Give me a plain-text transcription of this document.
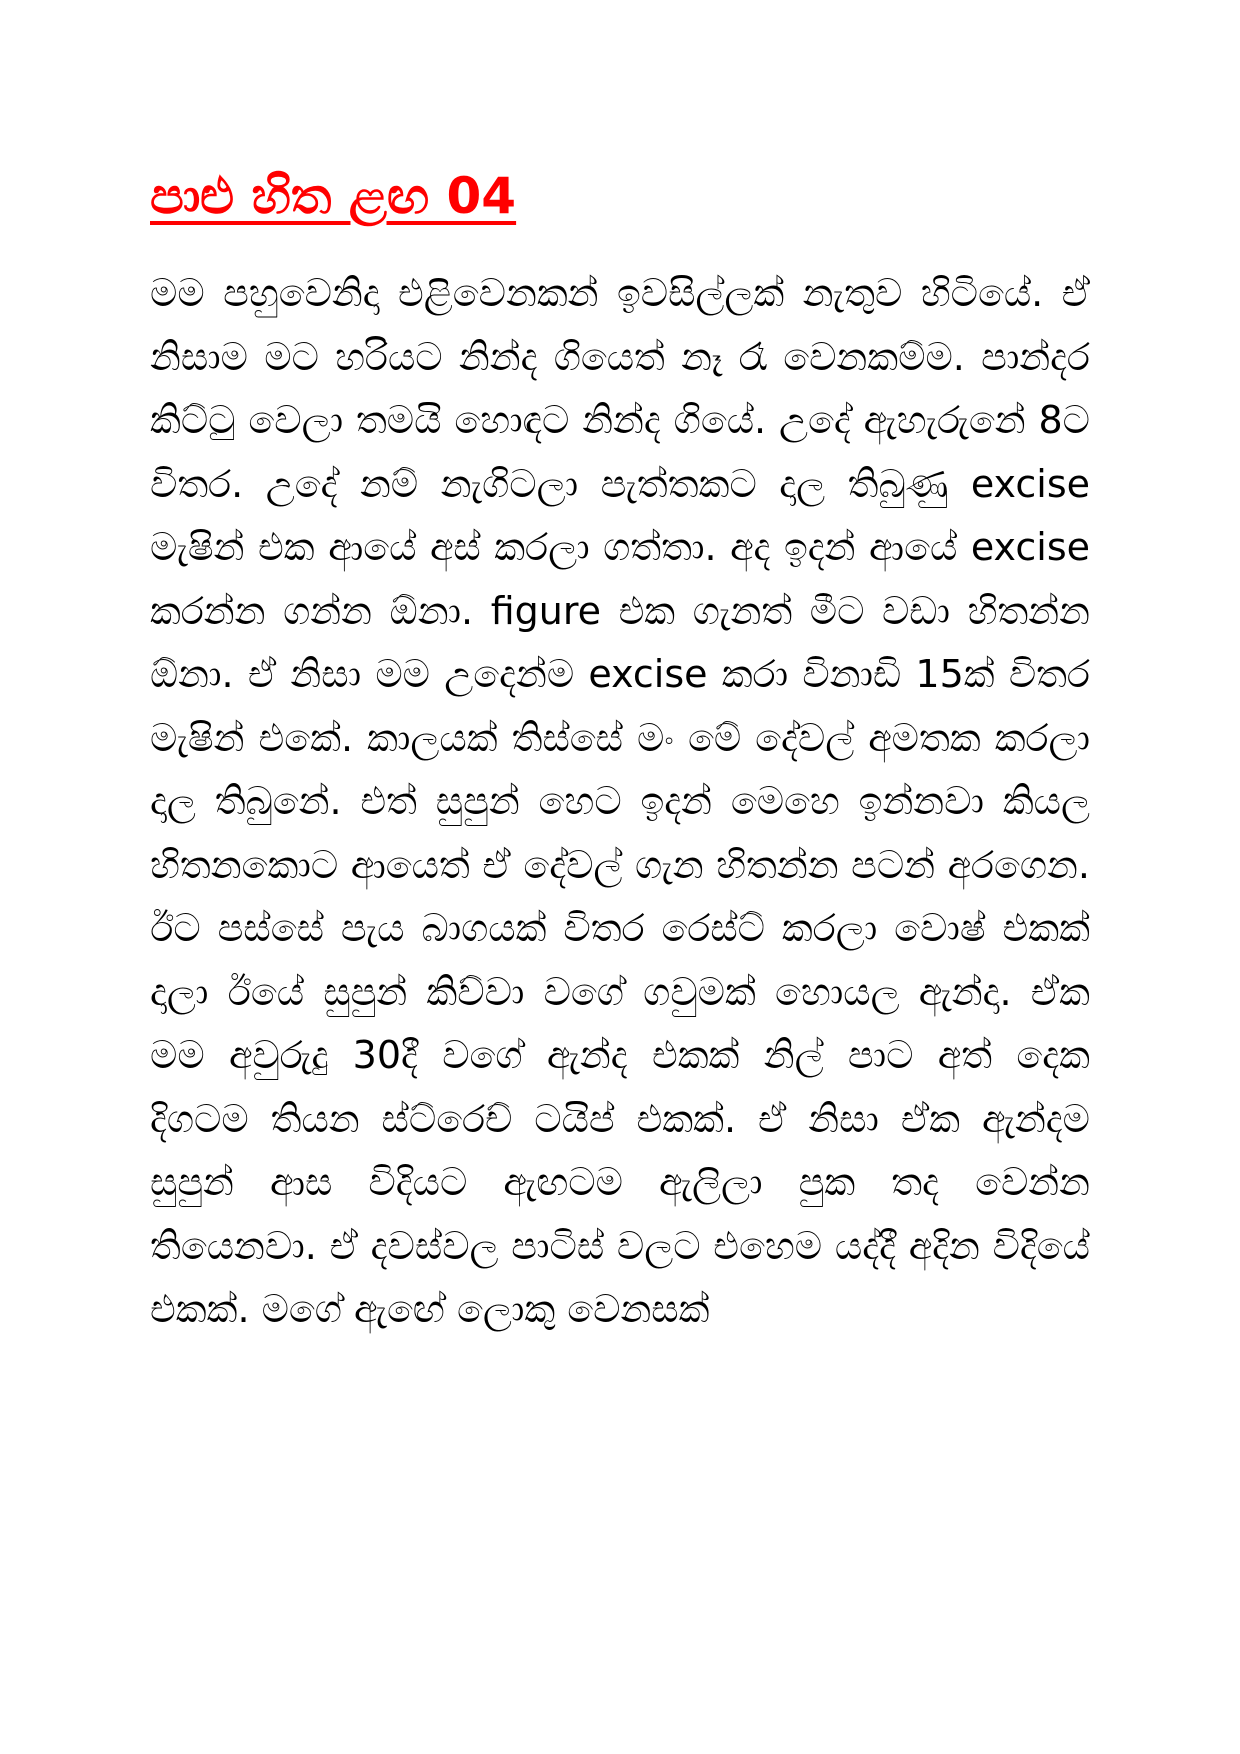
පාළු හිත ළඟ 04

මම පහුවෙනිදා එළිවෙනකන් ඉවසිල්ලක් නැතුව හිටියේ. ඒ නිසාම මට හරියට නින්ද ගියෙත් නෑ රෑ වෙනකම්ම. පාන්දර කිට්ටු වෙලා තමයි හොඳට නින්ද ගියේ. උදේ ඇහැරුනේ 8ට විතර. උදේ නම් නැගිටලා පැත්තකට දාල තිබුණු excise මැෂින් එක ආයේ අස් කරලා ගත්තා. අද ඉදන් ආයේ excise කරන්න ගන්න ඕනා. figure එක ගැනත් මීට වඩා හිතන්න ඕනා. ඒ නිසා මම උදෙන්ම excise කරා විනාඩි 15ක් විතර මැෂින් එකේ. කාලයක් තිස්සේ මං මේ දේවල් අමතක කරලා දාල තිබුනේ. එත් සුපුන් හෙට ඉදන් මෙහෙ ඉන්නවා කියල හිතනකොට ආයෙත් ඒ දේවල් ගැන හිතන්න පටන් අරගෙන. ඊට පස්සේ පැය බාගයක් විතර රෙස්ට් කරලා වොෂ් එකක් දාලා ඊයේ සුපුන් කිව්වා වගේ ගවුමක් හොයල ඇන්දා. ඒක මම අවුරුදු 30දී වගේ ඇන්ද එකක් නිල් පාට අත් දෙක දිගටම තියන ස්ට්රෙච් ටයිප් එකක්. ඒ නිසා ඒක ඇන්දම සුපුන් ආස විදියට ඇඟටම ඇලිලා පුක තද වෙන්න තියෙනවා. ඒ දවස්වල පාටිස් වලට එහෙම යද්දී අදින විදියේ එකක්. මගේ ඇඟේ ලොකු වෙනසක්
